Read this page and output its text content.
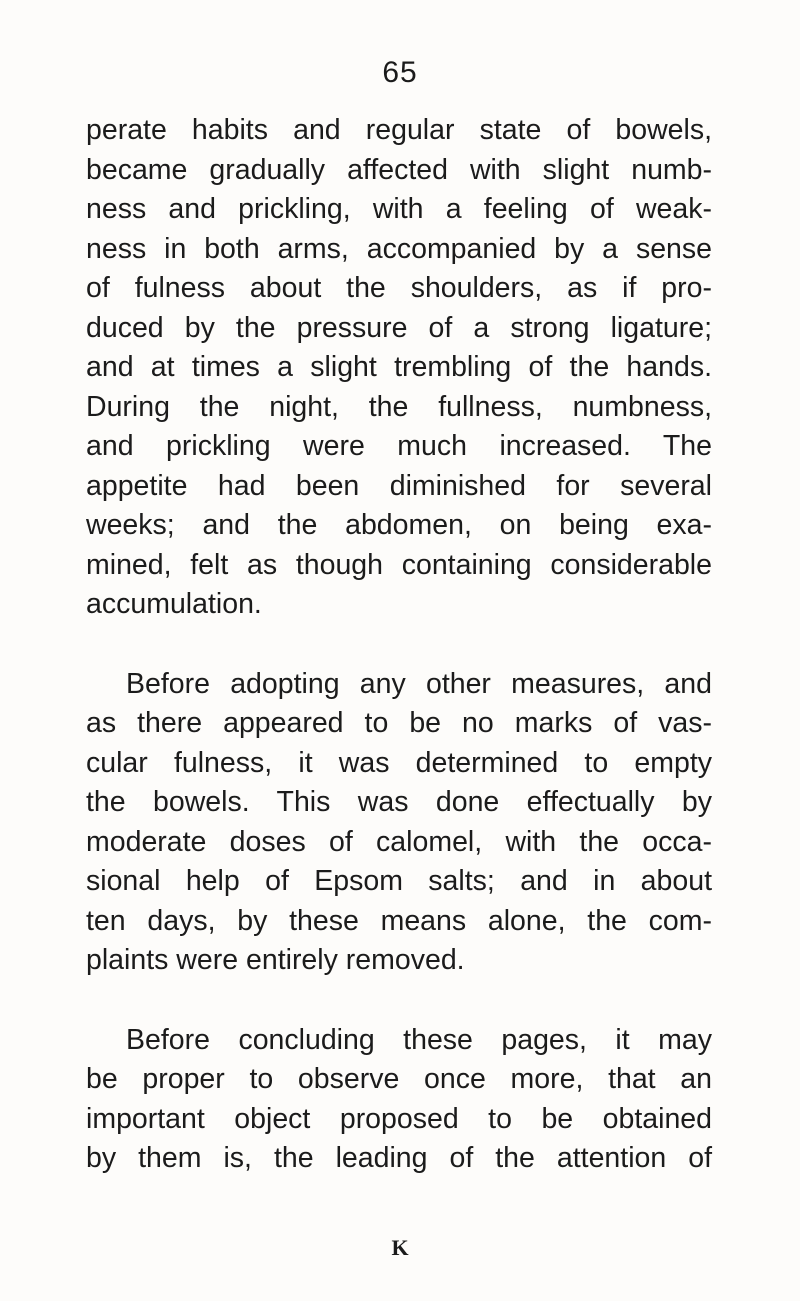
65
perate habits and regular state of bowels,
became gradually affected with slight numb-
ness and prickling, with a feeling of weak-
ness in both arms, accompanied by a sense
of fulness about the shoulders, as if pro-
duced by the pressure of a strong ligature;
and at times a slight trembling of the hands.
During the night, the fullness, numbness,
and prickling were much increased. The
appetite had been diminished for several
weeks; and the abdomen, on being exa-
mined, felt as though containing considerable
accumulation.
Before adopting any other measures, and
as there appeared to be no marks of vas-
cular fulness, it was determined to empty
the bowels. This was done effectually by
moderate doses of calomel, with the occa-
sional help of Epsom salts; and in about
ten days, by these means alone, the com-
plaints were entirely removed.
Before concluding these pages, it may
be proper to observe once more, that an
important object proposed to be obtained
by them is, the leading of the attention of
K
